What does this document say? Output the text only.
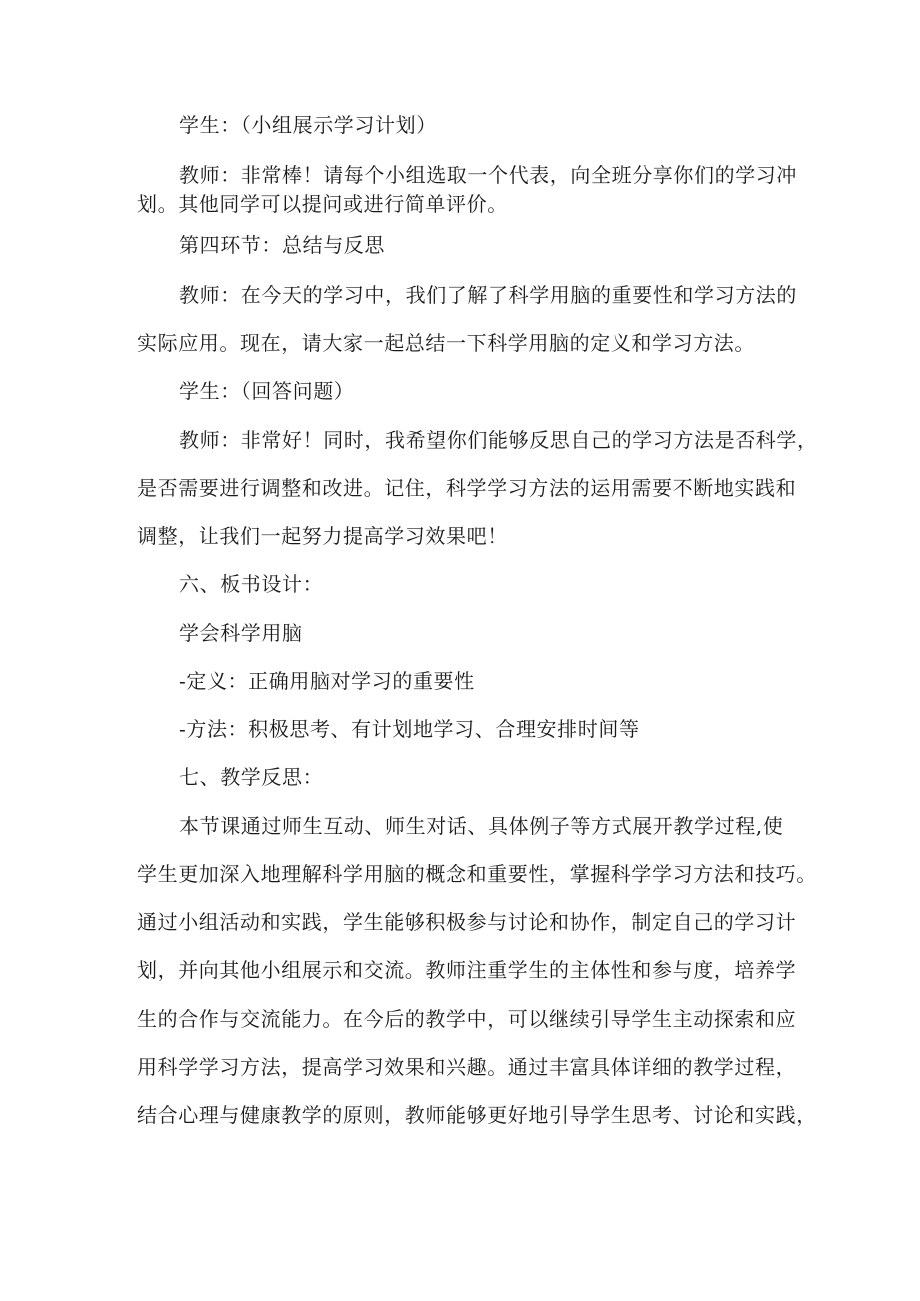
学生：（小组展示学习计划）
教师：非常棒！请每个小组选取一个代表，向全班分享你们的学习冲
划。其他同学可以提问或进行简单评价。
第四环节：总结与反思
教师：在今天的学习中，我们了解了科学用脑的重要性和学习方法的
实际应用。现在，请大家一起总结一下科学用脑的定义和学习方法。
学生：（回答问题）
教师：非常好！同时，我希望你们能够反思自己的学习方法是否科学，
是否需要进行调整和改进。记住，科学学习方法的运用需要不断地实践和
调整，让我们一起努力提高学习效果吧！
六、板书设计：
学会科学用脑
-定义：正确用脑对学习的重要性
-方法：积极思考、有计划地学习、合理安排时间等
七、教学反思：
本节课通过师生互动、师生对话、具体例子等方式展开教学过程,使
学生更加深入地理解科学用脑的概念和重要性，掌握科学学习方法和技巧。
通过小组活动和实践，学生能够积极参与讨论和协作，制定自己的学习计
划，并向其他小组展示和交流。教师注重学生的主体性和参与度，培养学
生的合作与交流能力。在今后的教学中，可以继续引导学生主动探索和应
用科学学习方法，提高学习效果和兴趣。通过丰富具体详细的教学过程，
结合心理与健康教学的原则，教师能够更好地引导学生思考、讨论和实践，
